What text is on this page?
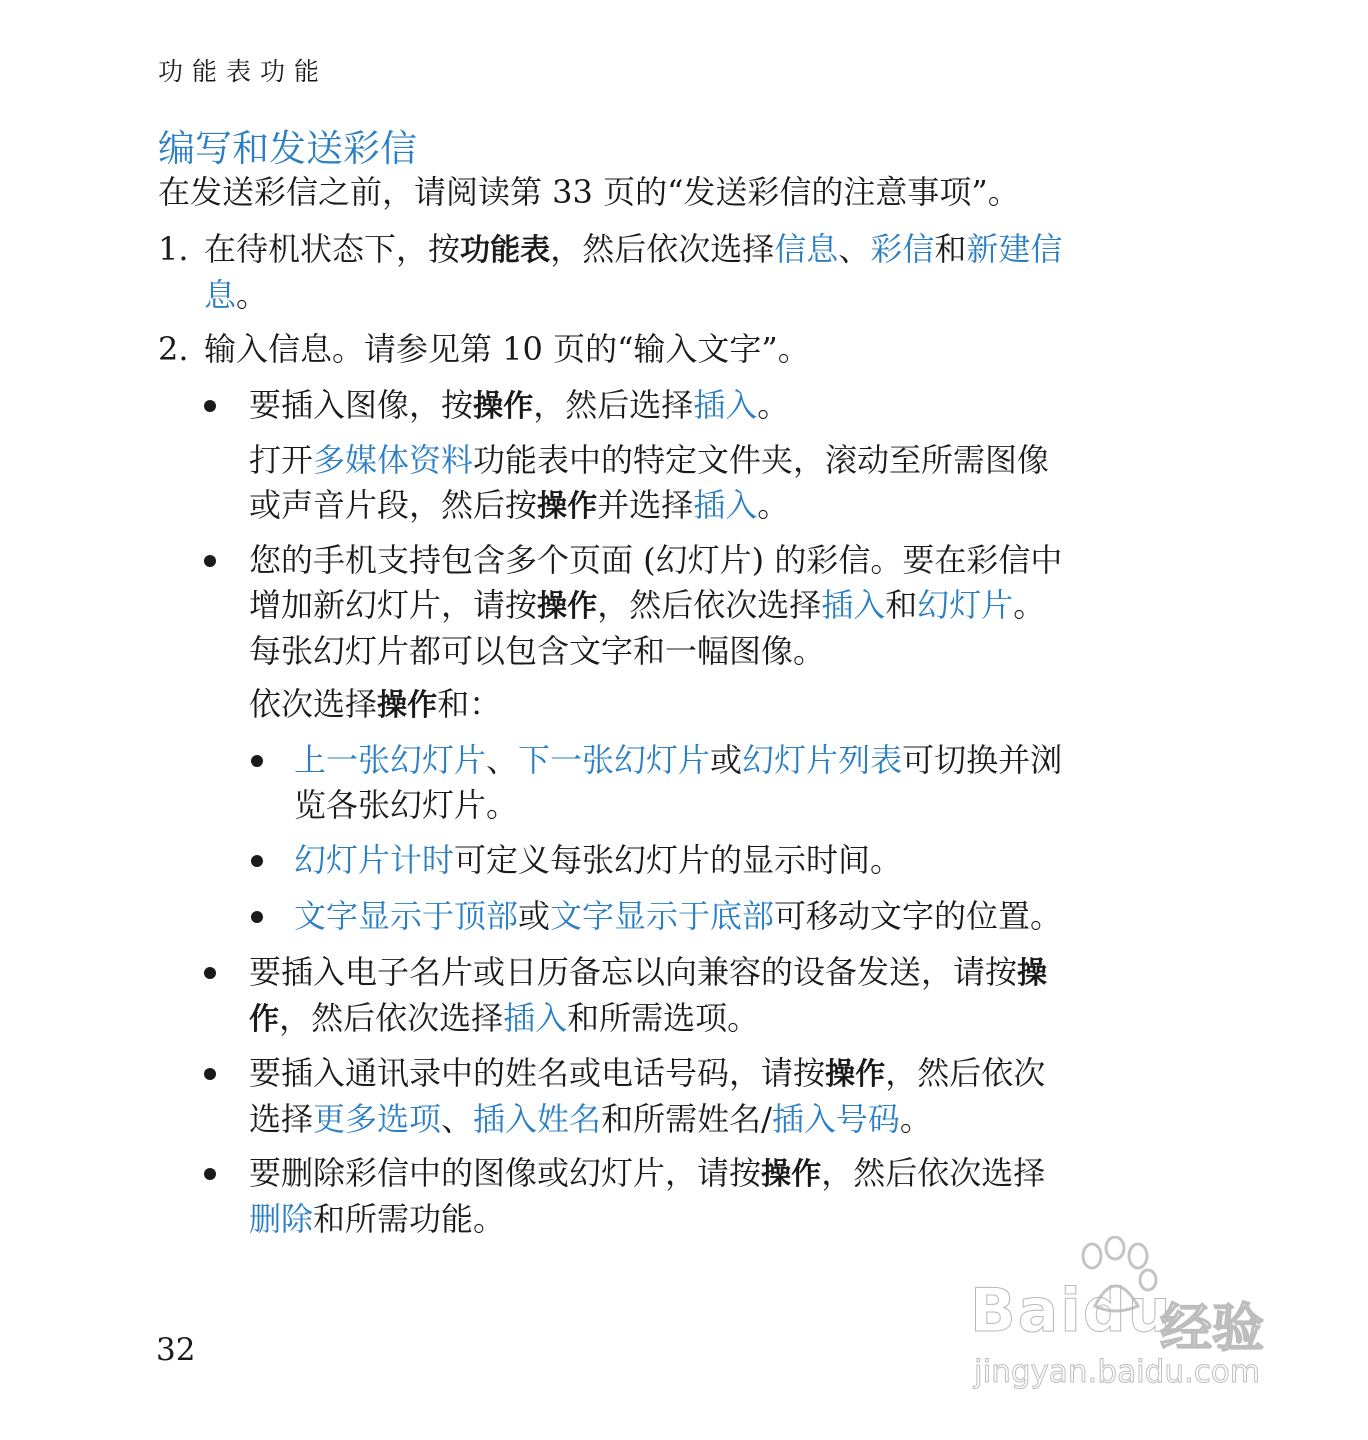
功能表功能
编写和发送彩信
在发送彩信之前，请阅读第 33 页的“发送彩信的注意事项”。
1. 在待机状态下，按功能表，然后依次选择信息、彩信和新建信
息。
2. 输入信息。请参见第 10 页的“输入文字”。
要插入图像，按操作，然后选择插入。
打开多媒体资料功能表中的特定文件夹，滚动至所需图像
或声音片段，然后按操作并选择插入。
您的手机支持包含多个页面 (幻灯片) 的彩信。要在彩信中
增加新幻灯片，请按操作，然后依次选择插入和幻灯片。
每张幻灯片都可以包含文字和一幅图像。
依次选择操作和：
上一张幻灯片、下一张幻灯片或幻灯片列表可切换并浏
览各张幻灯片。
幻灯片计时可定义每张幻灯片的显示时间。
文字显示于顶部或文字显示于底部可移动文字的位置。
要插入电子名片或日历备忘以向兼容的设备发送，请按操
作，然后依次选择插入和所需选项。
要插入通讯录中的姓名或电话号码，请按操作，然后依次
选择更多选项、插入姓名和所需姓名/插入号码。
要删除彩信中的图像或幻灯片，请按操作，然后依次选择
删除和所需功能。
32
Baidu
经验
jingyan.baidu.com
